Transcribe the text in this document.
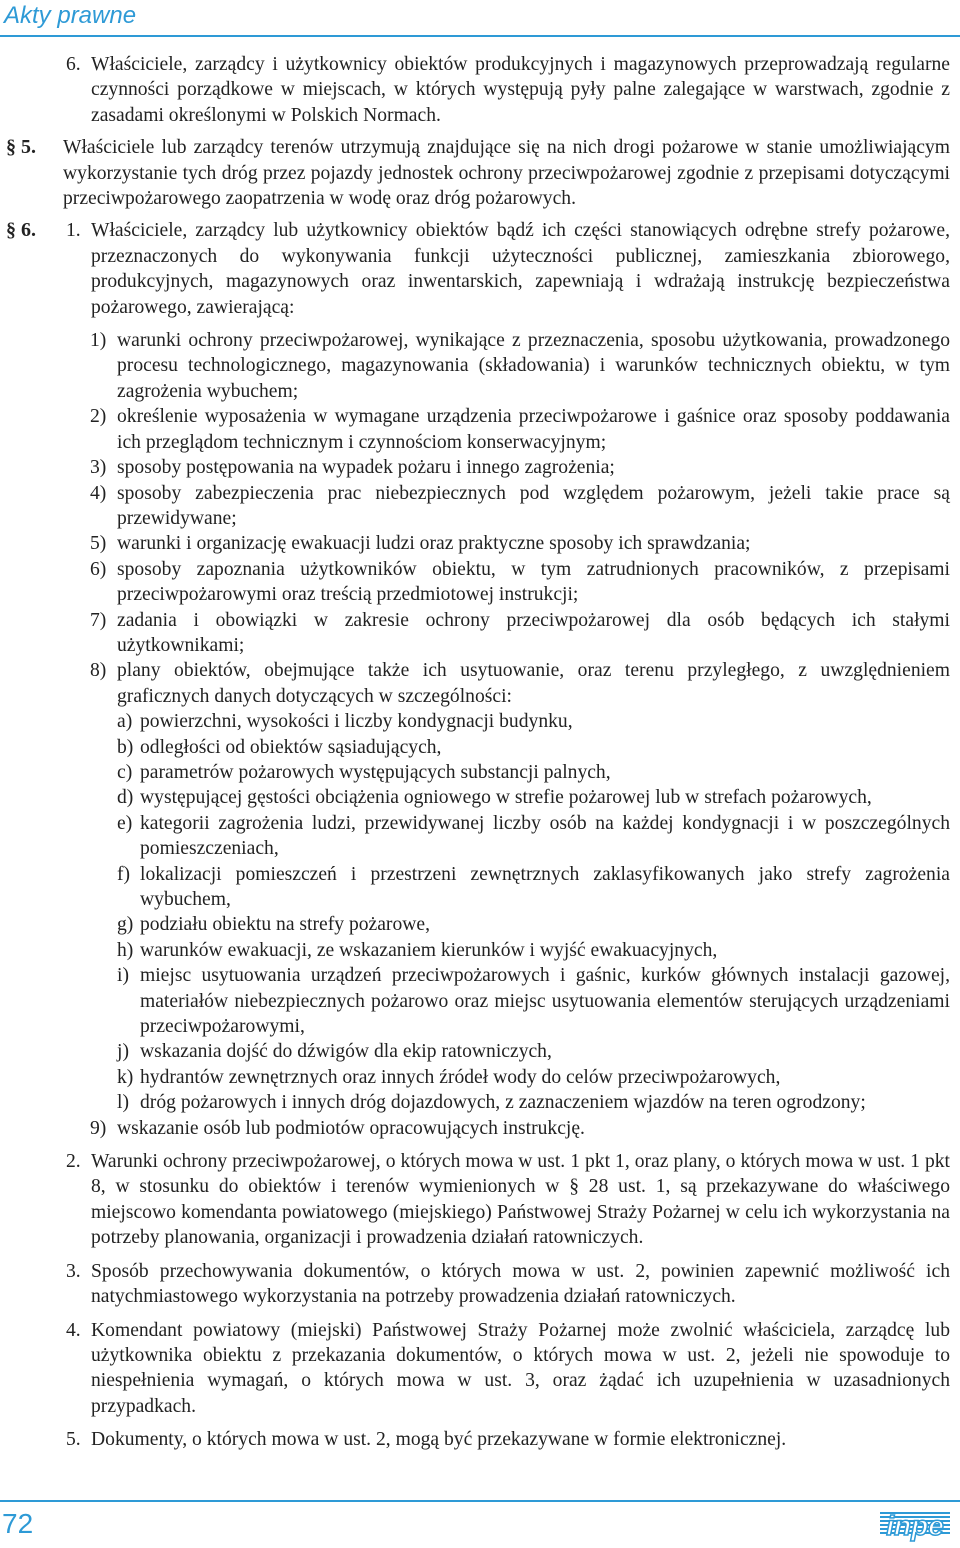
Akty prawne

6. Właściciele, zarządcy i użytkownicy obiektów produkcyjnych i magazynowych przeprowadzają regularne czynności porządkowe w miejscach, w których występują pyły palne zalegające w warstwach, zgodnie z zasadami określonymi w Polskich Normach.

§ 5. Właściciele lub zarządcy terenów utrzymują znajdujące się na nich drogi pożarowe w stanie umożliwiającym wykorzystanie tych dróg przez pojazdy jednostek ochrony przeciwpożarowej zgodnie z przepisami dotyczącymi przeciwpożarowego zaopatrzenia w wodę oraz dróg pożarowych.

§ 6. 1. Właściciele, zarządcy lub użytkownicy obiektów bądź ich części stanowiących odrębne strefy pożarowe, przeznaczonych do wykonywania funkcji użyteczności publicznej, zamieszkania zbiorowego, produkcyjnych, magazynowych oraz inwentarskich, zapewniają i wdrażają instrukcję bezpieczeństwa pożarowego, zawierającą:

1) warunki ochrony przeciwpożarowej, wynikające z przeznaczenia, sposobu użytkowania, prowadzonego procesu technologicznego, magazynowania (składowania) i warunków technicznych obiektu, w tym zagrożenia wybuchem;

2) określenie wyposażenia w wymagane urządzenia przeciwpożarowe i gaśnice oraz sposoby poddawania ich przeglądom technicznym i czynnościom konserwacyjnym;

3) sposoby postępowania na wypadek pożaru i innego zagrożenia;

4) sposoby zabezpieczenia prac niebezpiecznych pod względem pożarowym, jeżeli takie prace są przewidywane;

5) warunki i organizację ewakuacji ludzi oraz praktyczne sposoby ich sprawdzania;

6) sposoby zapoznania użytkowników obiektu, w tym zatrudnionych pracowników, z przepisami przeciwpożarowymi oraz treścią przedmiotowej instrukcji;

7) zadania i obowiązki w zakresie ochrony przeciwpożarowej dla osób będących ich stałymi użytkownikami;

8) plany obiektów, obejmujące także ich usytuowanie, oraz terenu przyległego, z uwzględnieniem graficznych danych dotyczących w szczególności:

a) powierzchni, wysokości i liczby kondygnacji budynku,

b) odległości od obiektów sąsiadujących,

c) parametrów pożarowych występujących substancji palnych,

d) występującej gęstości obciążenia ogniowego w strefie pożarowej lub w strefach pożarowych,

e) kategorii zagrożenia ludzi, przewidywanej liczby osób na każdej kondygnacji i w poszczególnych pomieszczeniach,

f) lokalizacji pomieszczeń i przestrzeni zewnętrznych zaklasyfikowanych jako strefy zagrożenia wybuchem,

g) podziału obiektu na strefy pożarowe,

h) warunków ewakuacji, ze wskazaniem kierunków i wyjść ewakuacyjnych,

i) miejsc usytuowania urządzeń przeciwpożarowych i gaśnic, kurków głównych instalacji gazowej, materiałów niebezpiecznych pożarowo oraz miejsc usytuowania elementów sterujących urządzeniami przeciwpożarowymi,

j) wskazania dojść do dźwigów dla ekip ratowniczych,

k) hydrantów zewnętrznych oraz innych źródeł wody do celów przeciwpożarowych,

l) dróg pożarowych i innych dróg dojazdowych, z zaznaczeniem wjazdów na teren ogrodzony;

9) wskazanie osób lub podmiotów opracowujących instrukcję.

2. Warunki ochrony przeciwpożarowej, o których mowa w ust. 1 pkt 1, oraz plany, o których mowa w ust. 1 pkt 8, w stosunku do obiektów i terenów wymienionych w § 28 ust. 1, są przekazywane do właściwego miejscowo komendanta powiatowego (miejskiego) Państwowej Straży Pożarnej w celu ich wykorzystania na potrzeby planowania, organizacji i prowadzenia działań ratowniczych.

3. Sposób przechowywania dokumentów, o których mowa w ust. 2, powinien zapewnić możliwość ich natychmiastowego wykorzystania na potrzeby prowadzenia działań ratowniczych.

4. Komendant powiatowy (miejski) Państwowej Straży Pożarnej może zwolnić właściciela, zarządcę lub użytkownika obiektu z przekazania dokumentów, o których mowa w ust. 2, jeżeli nie spowoduje to niespełnienia wymagań, o których mowa w ust. 3, oraz żądać ich uzupełnienia w uzasadnionych przypadkach.

5. Dokumenty, o których mowa w ust. 2, mogą być przekazywane w formie elektronicznej.

72	inpe
